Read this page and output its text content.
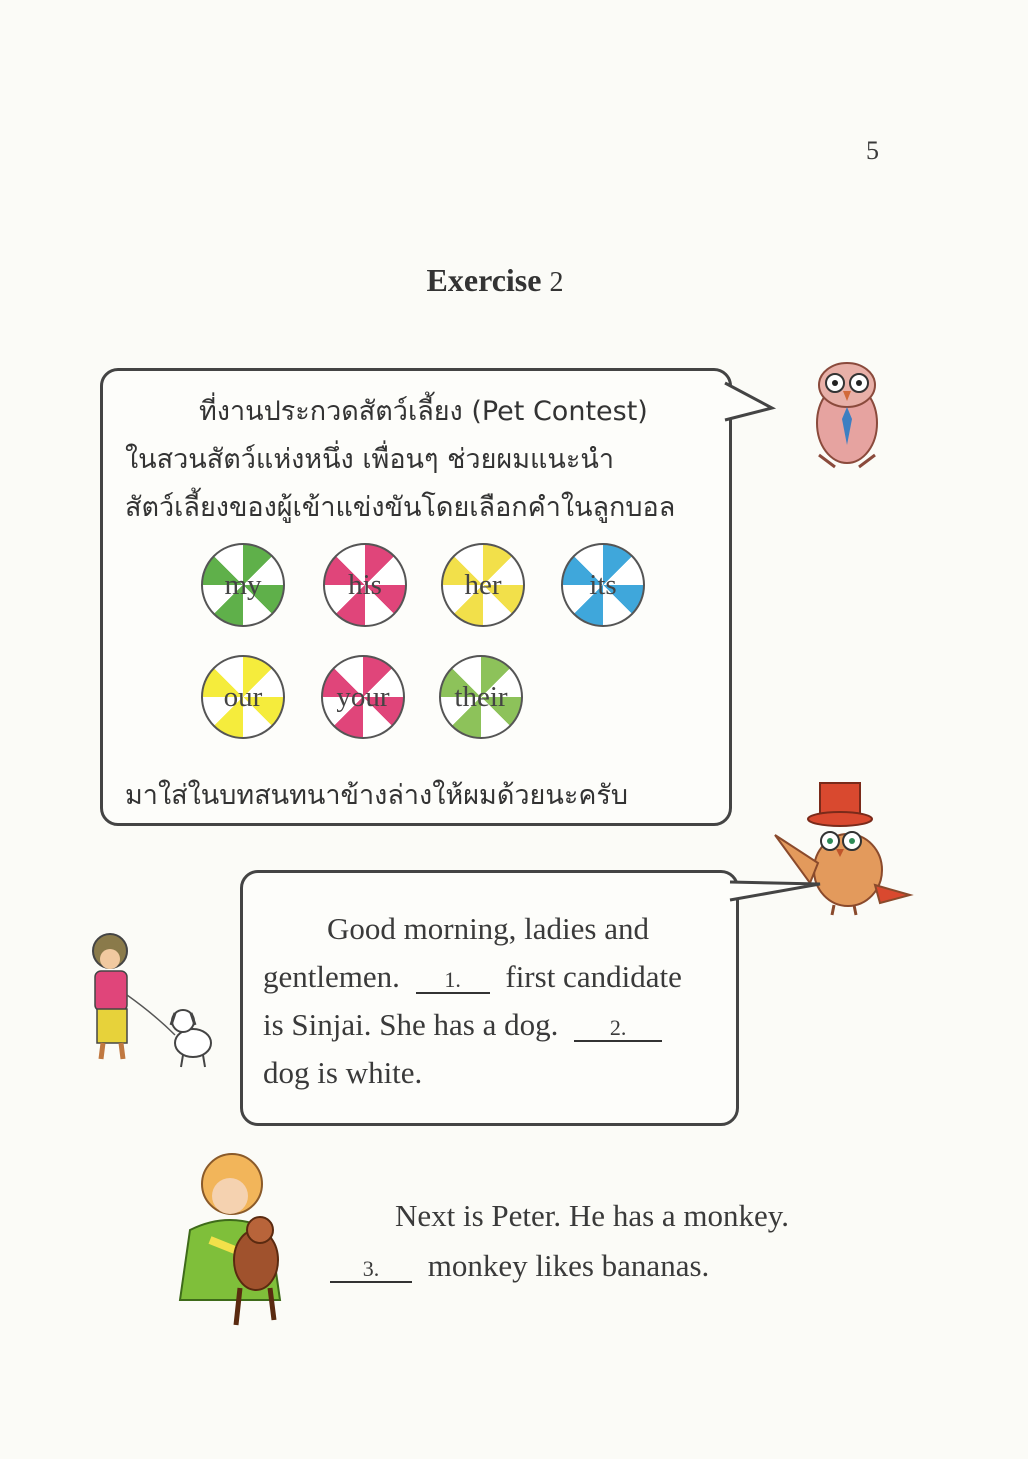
5
Exercise 2
ที่งานประกวดสัตว์เลี้ยง (Pet Contest)
ในสวนสัตว์แห่งหนึ่ง เพื่อนๆ ช่วยผมแนะนำ
สัตว์เลี้ยงของผู้เข้าแข่งขันโดยเลือกคำในลูกบอล
my	his	her	its
our	your their
มาใส่ในบทสนทนาข้างล่างให้ผมด้วยนะครับ
Good morning, ladies and
gentlemen. 1. first candidate
is Sinjai. She has a dog. 2.
dog is white.
Next is Peter. He has a monkey.
3. monkey likes bananas.
